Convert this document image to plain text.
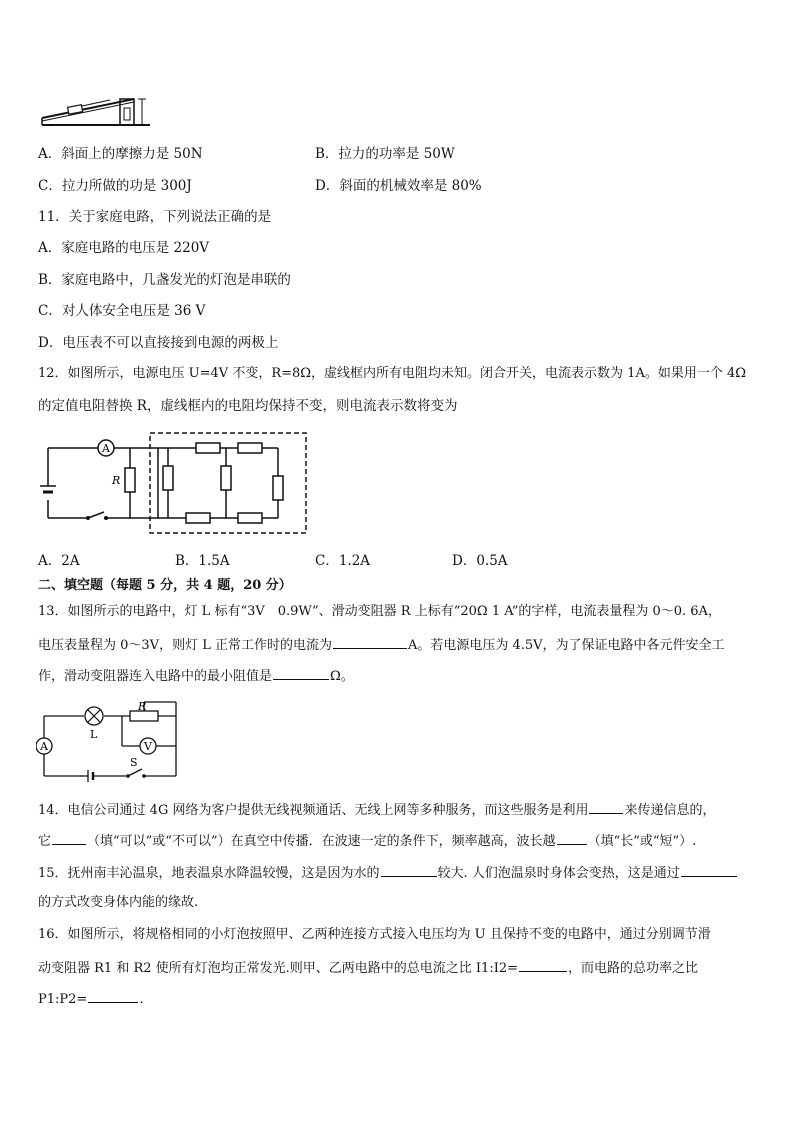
A．斜面上的摩擦力是 50N	B．拉力的功率是 50W
C．拉力所做的功是 300J	D．斜面的机械效率是 80%
11．关于家庭电路，下列说法正确的是
A．家庭电路的电压是 220V
B．家庭电路中，几盏发光的灯泡是串联的
C．对人体安全电压是 36 V
D．电压表不可以直接接到电源的两极上
12．如图所示，电源电压 U=4V 不变，R=8Ω，虚线框内所有电阻均未知。闭合开关，电流表示数为 1A。如果用一个 4Ω
的定值电阻替换 R，虚线框内的电阻均保持不变，则电流表示数将变为
A
R
A．2A	B．1.5A	C．1.2A	D．0.5A
二、填空题（每题 5 分，共 4 题，20 分）
13．如图所示的电路中，灯 L 标有“3V　0.9W”、滑动变阻器 R 上标有“20Ω 1 A”的字样，电流表量程为 0～0. 6A，
电压表量程为 0～3V，则灯 L 正常工作时的电流为	A。若电源电压为 4.5V，为了保证电路中各元件安全工
作，滑动变阻器连入电路中的最小阻值是	Ω。
L
R
V
A
S
14．电信公司通过 4G 网络为客户提供无线视频通话、无线上网等多种服务，而这些服务是利用	来传递信息的，
它	（填“可以”或“不可以”）在真空中传播．在波速一定的条件下，频率越高，波长越 （填“长”或“短”）.
15．抚州南丰沁温泉，地表温泉水降温较慢，这是因为水的	较大. 人们泡温泉时身体会变热，这是通过
的方式改变身体内能的缘故.
16．如图所示，将规格相同的小灯泡按照甲、乙两种连接方式接入电压均为 U 且保持不变的电路中，通过分别调节滑
动变阻器 R1 和 R2 使所有灯泡均正常发光.则甲、乙两电路中的总电流之比 I1:I2=	，而电路的总功率之比
P1:P2=	.
